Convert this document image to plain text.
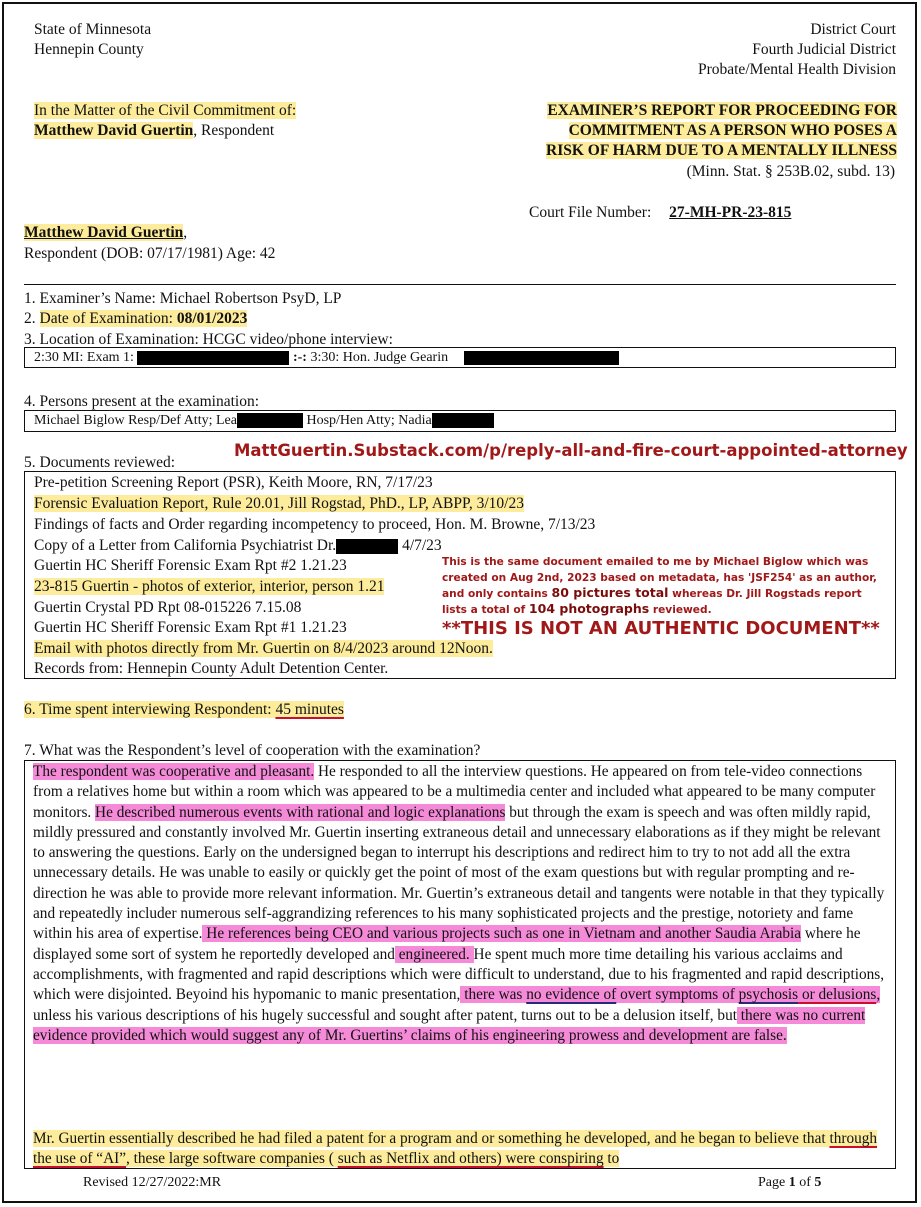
State of Minnesota
Hennepin County
District Court
Fourth Judicial District
Probate/Mental Health Division
In the Matter of the Civil Commitment of:
Matthew David Guertin, Respondent
EXAMINER’S REPORT FOR PROCEEDING FOR
COMMITMENT AS A PERSON WHO POSES A
RISK OF HARM DUE TO A MENTALLY ILLNESS
(Minn. Stat. § 253B.02, subd. 13)
Court File Number: 27-MH-PR-23-815
Matthew David Guertin,
Respondent (DOB: 07/17/1981) Age: 42
1. Examiner’s Name: Michael Robertson PsyD, LP
2. Date of Examination: 08/01/2023
3. Location of Examination: HCGC video/phone interview:
2:30 MI: Exam 1:	:-: 3:30: Hon. Judge Gearin
4. Persons present at the examination:
Michael Biglow Resp/Def Atty; Lea	Hosp/Hen Atty; Nadia
MattGuertin.Substack.com/p/reply-all-and-fire-court-appointed-attorney
5. Documents reviewed:
Pre-petition Screening Report (PSR), Keith Moore, RN, 7/17/23
Forensic Evaluation Report, Rule 20.01, Jill Rogstad, PhD., LP, ABPP, 3/10/23
Findings of facts and Order regarding incompetency to proceed, Hon. M. Browne, 7/13/23
Copy of a Letter from California Psychiatrist Dr.	4/7/23
Guertin HC Sheriff Forensic Exam Rpt #2 1.21.23
23-815 Guertin - photos of exterior, interior, person 1.21
Guertin Crystal PD Rpt 08-015226 7.15.08
Guertin HC Sheriff Forensic Exam Rpt #1 1.21.23
Email with photos directly from Mr. Guertin on 8/4/2023 around 12Noon.
Records from: Hennepin County Adult Detention Center.
This is the same document emailed to me by Michael Biglow which was
created on Aug 2nd, 2023 based on metadata, has 'JSF254' as an author,
and only contains 80 pictures total whereas Dr. Jill Rogstads report
lists a total of 104 photographs reviewed.
**THIS IS NOT AN AUTHENTIC DOCUMENT**
6. Time spent interviewing Respondent: 45 minutes
7. What was the Respondent’s level of cooperation with the examination?
The respondent was cooperative and pleasant. He responded to all the interview questions. He appeared on from tele-video connections from a relatives home but within a room which was appeared to be a multimedia center and included what appeared to be many computer monitors. He described numerous events with rational and logic explanations but through the exam is speech and was often mildly rapid, mildly pressured and constantly involved Mr. Guertin inserting extraneous detail and unnecessary elaborations as if they might be relevant to answering the questions. Early on the undersigned began to interrupt his descriptions and redirect him to try to not add all the extra unnecessary details. He was unable to easily or quickly get the point of most of the exam questions but with regular prompting and re-direction he was able to provide more relevant information. Mr. Guertin’s extraneous detail and tangents were notable in that they typically and repeatedly includer numerous self-aggrandizing references to his many sophisticated projects and the prestige, notoriety and fame within his area of expertise. He references being CEO and various projects such as one in Vietnam and another Saudia Arabia where he displayed some sort of system he reportedly developed and engineered. He spent much more time detailing his various acclaims and accomplishments, with fragmented and rapid descriptions which were difficult to understand, due to his fragmented and rapid descriptions, which were disjointed. Beyoind his hypomanic to manic presentation, there was no evidence of overt symptoms of psychosis or delusions, unless his various descriptions of his hugely successful and sought after patent, turns out to be a delusion itself, but there was no current evidence provided which would suggest any of Mr. Guertins’ claims of his engineering prowess and development are false.
Mr. Guertin essentially described he had filed a patent for a program and or something he developed, and he began to believe that through the use of “AI”, these large software companies ( such as Netflix and others) were conspiring to
Revised 12/27/2022:MR	Page 1 of 5
